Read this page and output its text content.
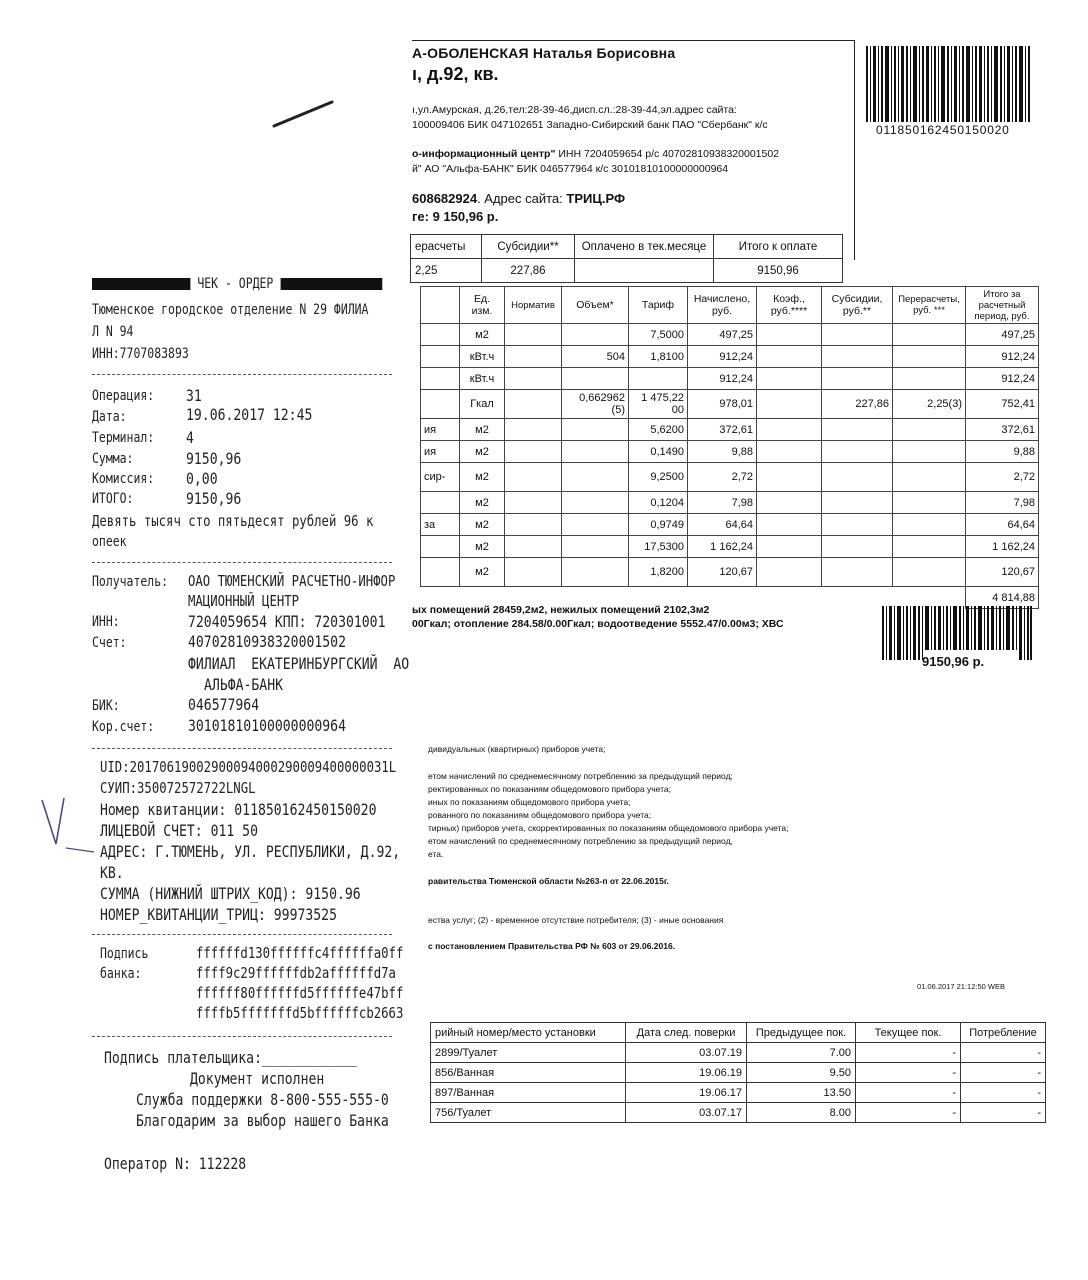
А-ОБОЛЕНСКАЯ Наталья Борисовна
ı, д.92, кв.
ı,ул.Амурская, д.26,тел:28-39-46,дисп.сл.:28-39-44,эл.адрес сайта:
100009406 БИК 047102651 Западно-Сибирский банк ПАО "Сбербанк" к/с
о-информационный центр" ИНН 7204059654 р/с 40702810938320001502
й" АО "Альфа-БАНК" БИК 046577964 к/с 30101810100000000964
608682924. Адрес сайта: ТРИЦ.РФ
ге: 9 150,96 р.
011850162450150020
ерасчеты	Субсидии**	Оплачено в тек.месяце	Итого к оплате
2,25	227,86		9150,96
	Ед. изм.	Норматив	Объем*	Тариф	Начислено, руб.	Коэф., руб.****	Субсидии, руб.**	Перерасчеты, руб. ***	Итого за расчетный период, руб.
	м2			7,5000	497,25				497,25
	кВт.ч		504	1,8100	912,24				912,24
	кВт.ч				912,24				912,24
	Гкал		0,662962 (5)	1 475,22 00	978,01		227,86	2,25(3)	752,41
ия	м2			5,6200	372,61				372,61
ия	м2			0,1490	9,88				9,88
сир-	м2			9,2500	2,72				2,72
	м2			0,1204	7,98				7,98
за	м2			0,9749	64,64				64,64
	м2			17,5300	1 162,24				1 162,24
	м2			1,8200	120,67				120,67
									4 814,88
ых помещений 28459,2м2, нежилых помещений 2102,3м2
00Гкал; отопление 284.58/0.00Гкал; водоотведение 5552.47/0.00м3; ХВС
9150,96 р.
дивидуальных (квартирных) приборов учета;
етом начислений по среднемесячному потреблению за предыдущий период;
ректированных по показаниям общедомового прибора учета;
иных по показаниям общедомового прибора учета;
рованного по показаниям общедомового прибора учета;
тирных) приборов учета, скорректированных по показаниям общедомового прибора учета;
етом начислений по среднемесячному потреблению за предыдущий период,
ета.
равительства Тюменской области №263-п от 22.06.2015г.
ества услуг; (2) - временное отсутствие потребителя; (3) - иные основания
с постановлением Правительства РФ № 603 от 29.06.2016.
01.06.2017 21:12:50 WEB
рийный номер/место установки	Дата след. поверки	Предыдущее пок.	Текущее пок.	Потребление
2899/Туалет	03.07.19	7.00	-	-
856/Ванная	19.06.19	9.50	-	-
897/Ванная	19.06.17	13.50	-	-
756/Туалет	03.07.17	8.00	-	-
ЧЕК - ОРДЕР
Тюменское городское отделение N 29 ФИЛИА
Л N 94
ИНН:7707083893
Операция: 31
Дата:	19.06.2017 12:45
Терминал: 4
Сумма:	9150,96
Комиссия: 0,00
ИТОГО:	9150,96
Девять тысяч сто пятьдесят рублей 96 к
опеек
Получатель: ОАО ТЮМЕНСКИЙ РАСЧЕТНО-ИНФОР
МАЦИОННЫЙ ЦЕНТР
ИНН:	7204059654 КПП: 720301001
Счет:	40702810938320001502
ФИЛИАЛ  ЕКАТЕРИНБУРГСКИЙ  АО
АЛЬФА-БАНК
БИК:	046577964
Кор.счет: 30101810100000000964
UID:20170619002900094000290009400000031L
СУИП:350072572722LNGL
Номер квитанции: 011850162450150020
ЛИЦЕВОЙ СЧЕТ: 011 50
АДРЕС: Г.ТЮМЕНЬ, УЛ. РЕСПУБЛИКИ, Д.92,
КВ.
СУММА (НИЖНИЙ ШТРИХ_КОД): 9150.96
НОМЕР_КВИТАНЦИИ_ТРИЦ: 99973525
Подпись
банка:
ffffffd130ffffffc4ffffffa0ff
ffff9c29ffffffdb2affffffd7a
ffffff80ffffffd5ffffffe47bff
ffffb5fffffffd5bffffffcb2663
Подпись плательщика:____________
Документ исполнен
Служба поддержки 8-800-555-555-0
Благодарим за выбор нашего Банка
Оператор N: 112228
